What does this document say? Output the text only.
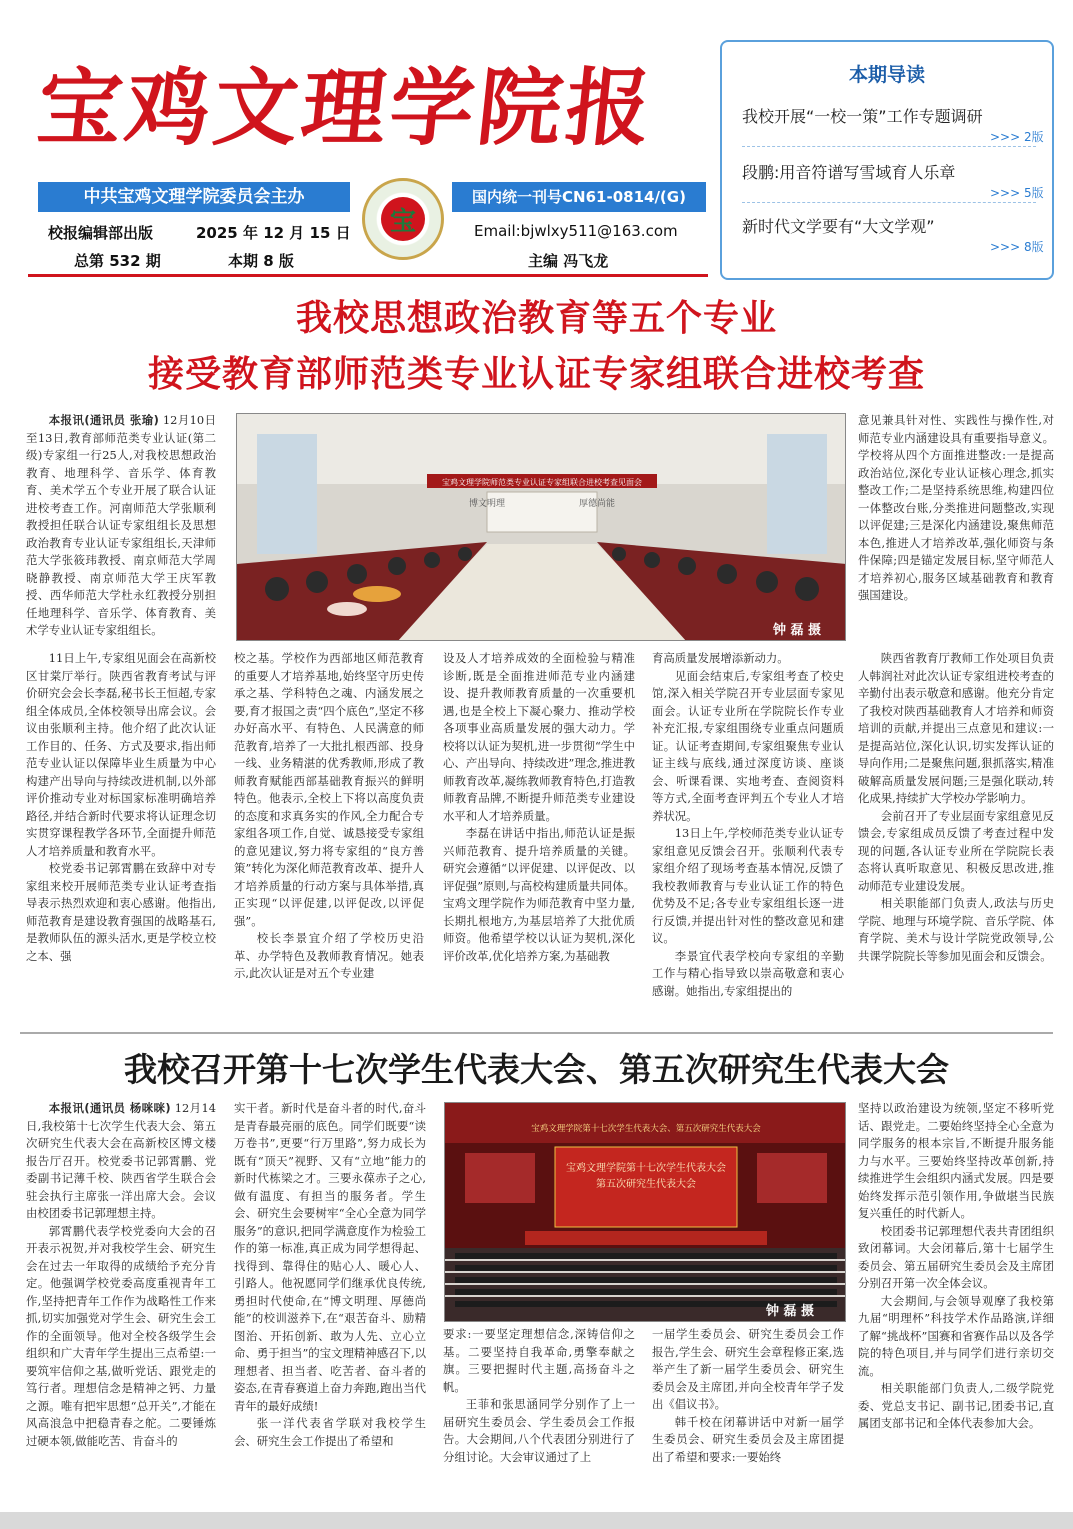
宝鸡文理学院报
中共宝鸡文理学院委员会主办
宝
国内统一刊号CN61-0814/(G)
校报编辑部出版	2025 年 12 月 15 日
总第 532 期	本期 8 版
Email:bjwlxy511@163.com
主编 冯飞龙
本期导读
我校开展“一校一策”工作专题调研
>>> 2版
段鹏:用音符谱写雪域育人乐章
>>> 5版
新时代文学要有“大文学观”
>>> 8版
我校思想政治教育等五个专业
接受教育部师范类专业认证专家组联合进校考查

本报讯(通讯员 张瑜) 12月10日至13日,教育部师范类专业认证(第二级)专家组一行25人,对我校思想政治教育、地理科学、音乐学、体育教育、美术学五个专业开展了联合认证进校考查工作。河南师范大学张顺利教授担任联合认证专家组组长及思想政治教育专业认证专家组组长,天津师范大学张筱玮教授、南京师范大学周晓静教授、南京师范大学王庆军教授、西华师范大学杜永红教授分别担任地理科学、音乐学、体育教育、美术学专业认证专家组组长。

宝鸡文理学院师范类专业认证专家组联合进校考查见面会
博文明理	厚德尚能
钟 磊 摄

意见兼具针对性、实践性与操作性,对师范专业内涵建设具有重要指导意义。学校将从四个方面推进整改:一是提高政治站位,深化专业认证核心理念,抓实整改工作;二是坚持系统思维,构建四位一体整改台账,分类推进问题整改,实现以评促建;三是深化内涵建设,聚焦师范本色,推进人才培养改革,强化师资与条件保障;四是锚定发展目标,坚守师范人才培养初心,服务区域基础教育和教育强国建设。

11日上午,专家组见面会在高新校区甘棠厅举行。陕西省教育考试与评价研究会会长李磊,秘书长王恒超,专家组全体成员,全体校领导出席会议。会议由张顺利主持。他介绍了此次认证工作目的、任务、方式及要求,指出师范专业认证以保障毕业生质量为中心构建产出导向与持续改进机制,以外部评价推动专业对标国家标准明确培养路径,并结合新时代要求将认证理念切实贯穿课程教学各环节,全面提升师范人才培养质量和教育水平。

校党委书记郭霄鹏在致辞中对专家组来校开展师范类专业认证考查指导表示热烈欢迎和衷心感谢。他指出,师范教育是建设教育强国的战略基石,是教师队伍的源头活水,更是学校立校之本、强

校之基。学校作为西部地区师范教育的重要人才培养基地,始终坚守历史传承之基、学科特色之魂、内涵发展之要,育才报国之责“四个底色”,坚定不移办好高水平、有特色、人民满意的师范教育,培养了一大批扎根西部、投身一线、业务精湛的优秀教师,形成了教师教育赋能西部基础教育振兴的鲜明特色。他表示,全校上下将以高度负责的态度和求真务实的作风,全力配合专家组各项工作,自觉、诚恳接受专家组的意见建议,努力将专家组的“良方善策”转化为深化师范教育改革、提升人才培养质量的行动方案与具体举措,真正实现“以评促建,以评促改,以评促强”。

校长李景宜介绍了学校历史沿革、办学特色及教师教育情况。她表示,此次认证是对五个专业建

设及人才培养成效的全面检验与精准诊断,既是全面推进师范专业内涵建设、提升教师教育质量的一次重要机遇,也是全校上下凝心聚力、推动学校各项事业高质量发展的强大动力。学校将以认证为契机,进一步贯彻“学生中心、产出导向、持续改进”理念,推进教师教育改革,凝练教师教育特色,打造教师教育品牌,不断提升师范类专业建设水平和人才培养质量。

李磊在讲话中指出,师范认证是振兴师范教育、提升培养质量的关键。研究会遵循“以评促建、以评促改、以评促强”原则,与高校构建质量共同体。宝鸡文理学院作为师范教育中坚力量,长期扎根地方,为基层培养了大批优质师资。他希望学校以认证为契机,深化评价改革,优化培养方案,为基础教

育高质量发展增添新动力。

见面会结束后,专家组考查了校史馆,深入相关学院召开专业层面专家见面会。认证专业所在学院院长作专业补充汇报,专家组围绕专业重点问题质证。认证考查期间,专家组聚焦专业认证主线与底线,通过深度访谈、座谈会、听课看课、实地考查、查阅资料等方式,全面考查评判五个专业人才培养状况。

13日上午,学校师范类专业认证专家组意见反馈会召开。张顺利代表专家组介绍了现场考查基本情况,反馈了我校教师教育与专业认证工作的特色优势及不足;各专业专家组组长逐一进行反馈,并提出针对性的整改意见和建议。

李景宜代表学校向专家组的辛勤工作与精心指导致以崇高敬意和衷心感谢。她指出,专家组提出的

陕西省教育厅教师工作处项目负责人韩润社对此次认证专家组进校考查的辛勤付出表示敬意和感谢。他充分肯定了我校对陕西基础教育人才培养和师资培训的贡献,并提出三点意见和建议:一是提高站位,深化认识,切实发挥认证的导向作用;二是聚焦问题,狠抓落实,精准破解高质量发展问题;三是强化联动,转化成果,持续扩大学校办学影响力。

会前召开了专业层面专家组意见反馈会,专家组成员反馈了考查过程中发现的问题,各认证专业所在学院院长表态将认真听取意见、积极反思改进,推动师范专业建设发展。

相关职能部门负责人,政法与历史学院、地理与环境学院、音乐学院、体育学院、美术与设计学院党政领导,公共课学院院长等参加见面会和反馈会。

我校召开第十七次学生代表大会、第五次研究生代表大会

本报讯(通讯员 杨咪咪) 12月14日,我校第十七次学生代表大会、第五次研究生代表大会在高新校区博文楼报告厅召开。校党委书记郭霄鹏、党委副书记薄千校、陕西省学生联合会驻会执行主席张一洋出席大会。会议由校团委书记郭理想主持。

郭霄鹏代表学校党委向大会的召开表示祝贺,并对我校学生会、研究生会在过去一年取得的成绩给予充分肯定。他强调学校党委高度重视青年工作,坚持把青年工作作为战略性工作来抓,切实加强党对学生会、研究生会工作的全面领导。他对全校各级学生会组织和广大青年学生提出三点希望:一要筑牢信仰之基,做听党话、跟党走的笃行者。理想信念是精神之钙、力量之源。唯有把牢思想“总开关”,才能在风高浪急中把稳青春之舵。二要锤炼过硬本领,做能吃苦、肯奋斗的

实干者。新时代是奋斗者的时代,奋斗是青春最亮丽的底色。同学们既要“读万卷书”,更要“行万里路”,努力成长为既有“顶天”视野、又有“立地”能力的新时代栋梁之才。三要永葆赤子之心,做有温度、有担当的服务者。学生会、研究生会要树牢“全心全意为同学服务”的意识,把同学满意度作为检验工作的第一标准,真正成为同学想得起、找得到、靠得住的贴心人、暖心人、引路人。他祝愿同学们继承优良传统,勇担时代使命,在“博文明理、厚德尚能”的校训滋养下,在“艰苦奋斗、励精图治、开拓创新、敢为人先、立心立命、勇于担当”的宝文理精神感召下,以理想者、担当者、吃苦者、奋斗者的姿态,在青春赛道上奋力奔跑,跑出当代青年的最好成绩!

张一洋代表省学联对我校学生会、研究生会工作提出了希望和

宝鸡文理学院第十七次学生代表大会、第五次研究生代表大会
宝鸡文理学院第十七次学生代表大会 第五次研究生代表大会
钟 磊 摄

要求:一要坚定理想信念,深铸信仰之基。二要坚持自我革命,勇擎奉献之旗。三要把握时代主题,高扬奋斗之帆。

王菲和张思涵同学分别作了上一届研究生委员会、学生委员会工作报告。大会期间,八个代表团分别进行了分组讨论。大会审议通过了上

一届学生委员会、研究生委员会工作报告,学生会、研究生会章程修正案,选举产生了新一届学生委员会、研究生委员会及主席团,并向全校青年学子发出《倡议书》。

韩千校在闭幕讲话中对新一届学生委员会、研究生委员会及主席团提出了希望和要求:一要始终

坚持以政治建设为统领,坚定不移听党话、跟党走。二要始终坚持全心全意为同学服务的根本宗旨,不断提升服务能力与水平。三要始终坚持改革创新,持续推进学生会组织内涵式发展。四是要始终发挥示范引领作用,争做堪当民族复兴重任的时代新人。

校团委书记郭理想代表共青团组织致闭幕词。大会闭幕后,第十七届学生委员会、第五届研究生委员会及主席团分别召开第一次全体会议。

大会期间,与会领导观摩了我校第九届“明理杯”科技学术作品路演,详细了解“挑战杯”国赛和省赛作品以及各学院的特色项目,并与同学们进行亲切交流。

相关职能部门负责人,二级学院党委、党总支书记、副书记,团委书记,直属团支部书记和全体代表参加大会。
